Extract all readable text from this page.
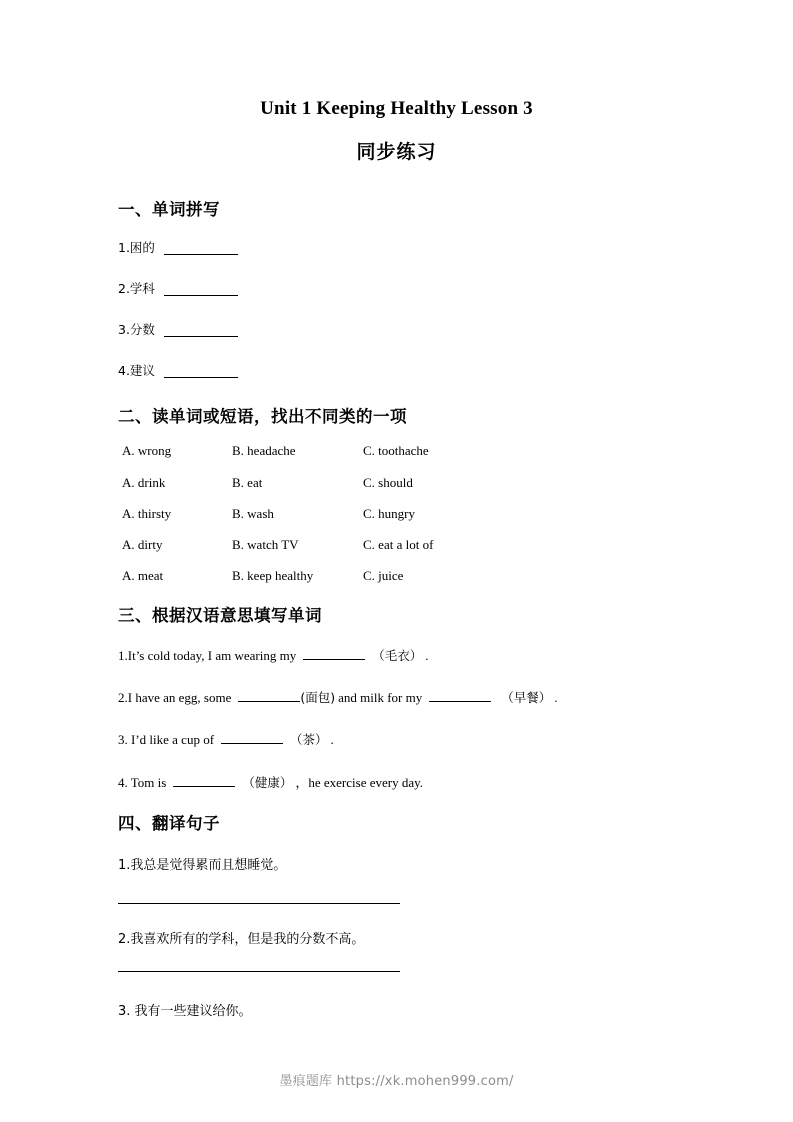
Unit 1 Keeping Healthy Lesson 3
同步练习
一、单词拼写
1.困的
2.学科
3.分数
4.建议
二、读单词或短语，找出不同类的一项
A. wrong	B. headache	C. toothache
A. drink	B. eat	C. should
A. thirsty	B. wash	C. hungry
A. dirty	B. watch TV	C. eat a lot of
A. meat	B. keep healthy	C. juice
三、根据汉语意思填写单词
1.It’s cold today, I am wearing my	（毛衣） .
2.I have an egg, some	(面包) and milk for my	（早餐） .
3. I’d like a cup of	（茶） .
4. Tom is	（健康） ，he exercise every day.
四、翻译句子
1.我总是觉得累而且想睡觉。
2.我喜欢所有的学科，但是我的分数不高。
3. 我有一些建议给你。
墨痕题库 https://xk.mohen999.com/
